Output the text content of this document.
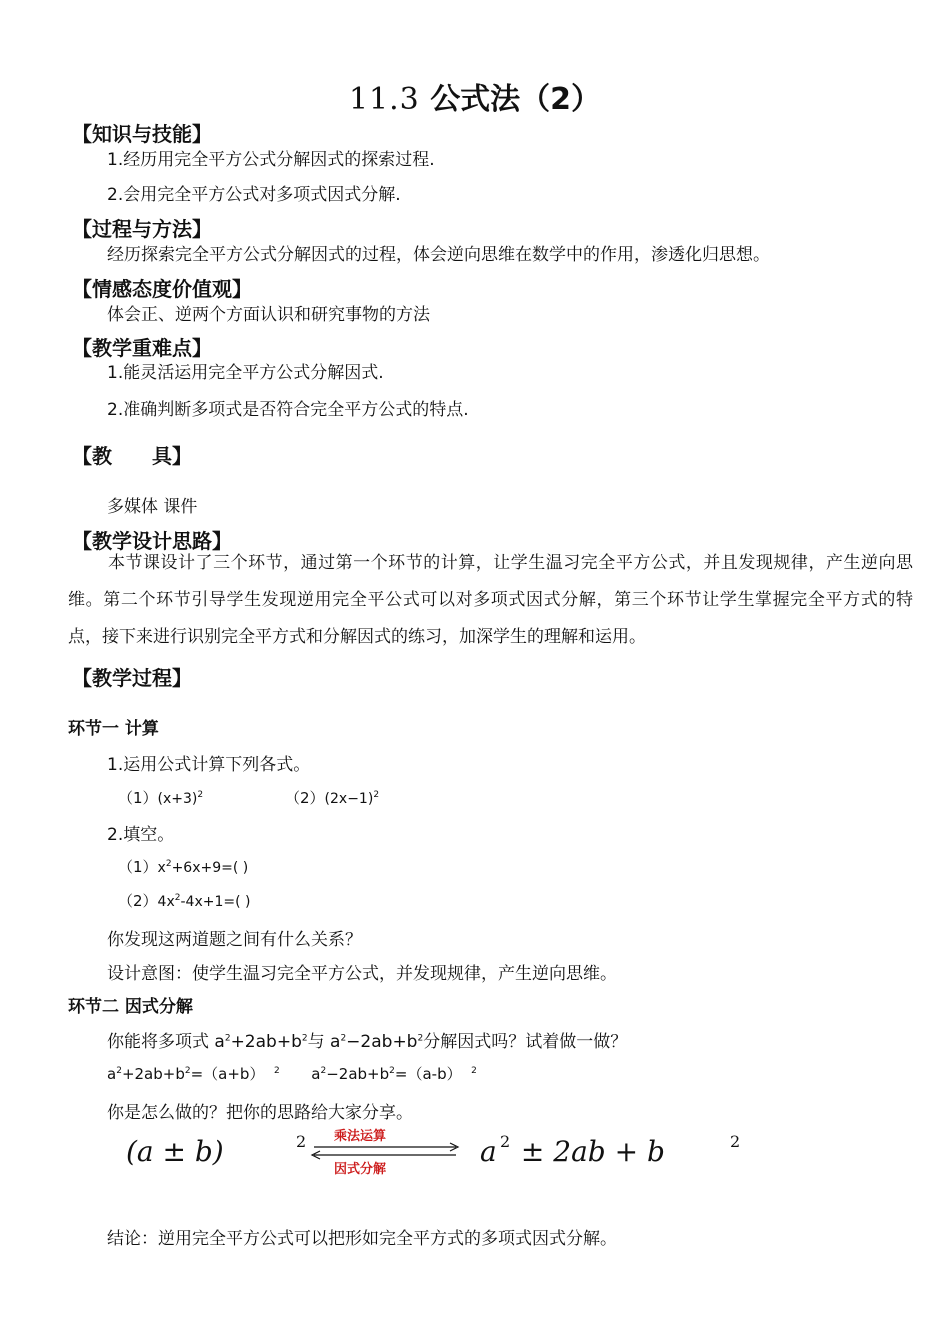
11.3 公式法（2）
【知识与技能】
1.经历用完全平方公式分解因式的探索过程.
2.会用完全平方公式对多项式因式分解.
【过程与方法】
经历探索完全平方公式分解因式的过程，体会逆向思维在数学中的作用，渗透化归思想。
【情感态度价值观】
体会正、逆两个方面认识和研究事物的方法
【教学重难点】
1.能灵活运用完全平方公式分解因式.
2.准确判断多项式是否符合完全平方公式的特点.
【教　　具】
多媒体 课件
【教学设计思路】
本节课设计了三个环节，通过第一个环节的计算，让学生温习完全平方公式，并且发现规律，产生逆向思维。第二个环节引导学生发现逆用完全平公式可以对多项式因式分解，第三个环节让学生掌握完全平方式的特点，接下来进行识别完全平方式和分解因式的练习，加深学生的理解和运用。
【教学过程】
环节一 计算
1.运用公式计算下列各式。
$(1)(x+3)^2$	$(2)(2x-1)^2$
2.填空。
$(1)x^2+6x+9=$( )
$(2)4x^2-4x+1=$( )
你发现这两道题之间有什么关系？
设计意图：使学生温习完全平方公式，并发现规律，产生逆向思维。
环节二 因式分解
你能将多项式 $a^2+2ab+b^2$与 $a^2-2ab+b^2$分解因式吗？试着做一做？
$a^2+2ab+b^2=(a+b)$ $^2$ $a^2-2ab+b^2=(a-b)$ $^2$
你是怎么做的？把你的思路给大家分享。
(a ± b)	2 乘法运算
因式分解
a 2 ± 2ab + b	2
结论：逆用完全平方公式可以把形如完全平方式的多项式因式分解。
